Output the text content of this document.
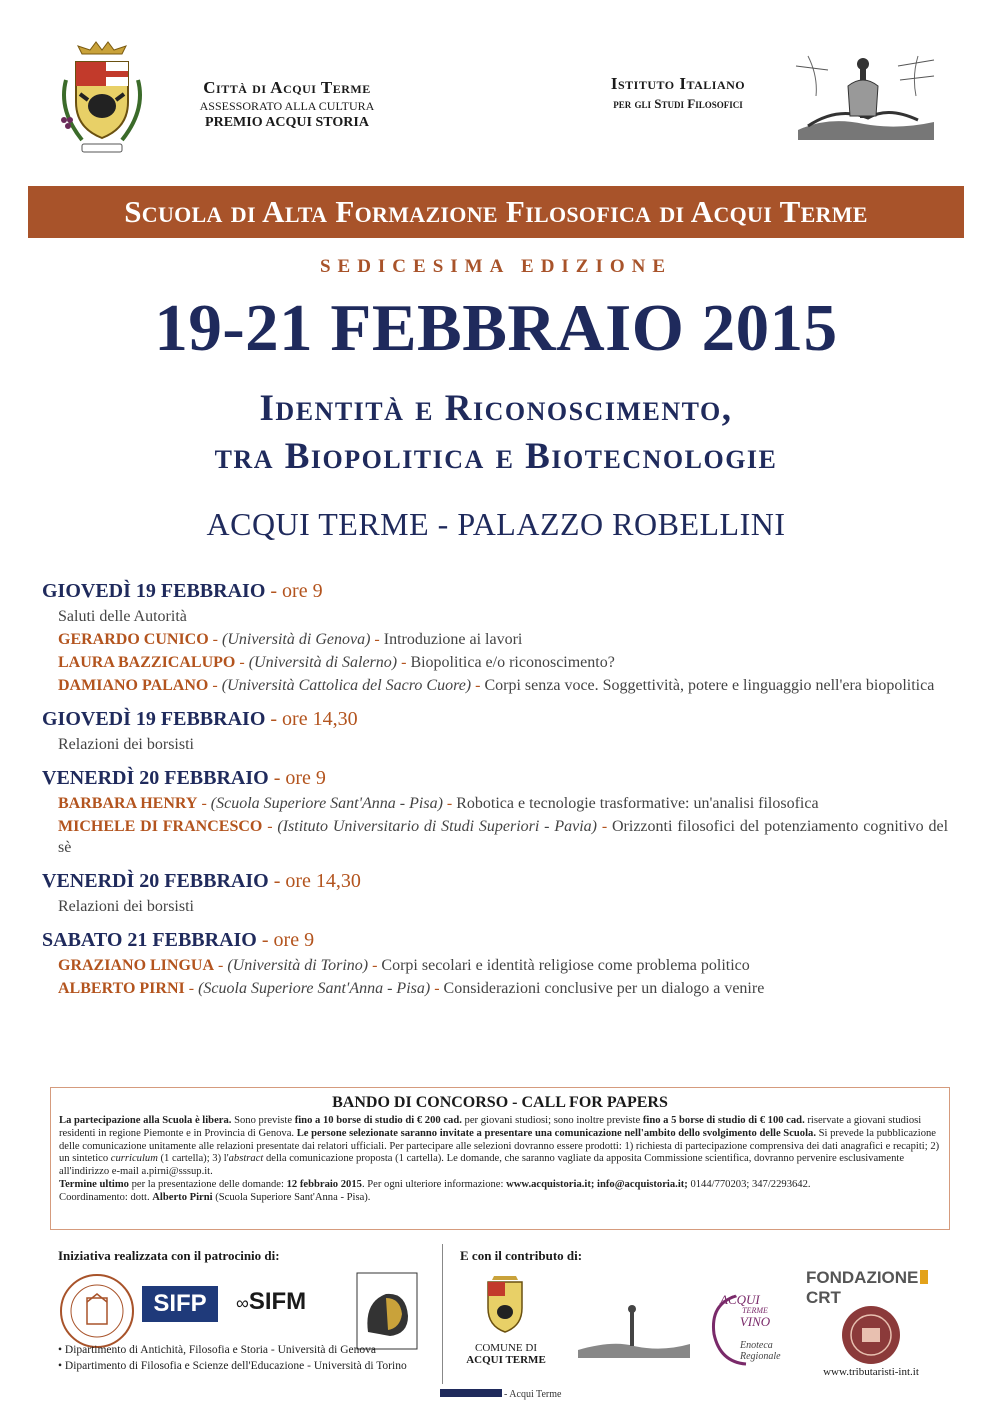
Città di Acqui Terme
ASSESSORATO ALLA CULTURA
PREMIO ACQUI STORIA
Istituto Italiano
per gli Studi Filosofici
Scuola di Alta Formazione Filosofica di Acqui Terme
SEDICESIMA EDIZIONE
19-21 FEBBRAIO 2015
Identità e Riconoscimento,
tra Biopolitica e Biotecnologie
ACQUI TERME - PALAZZO ROBELLINI
GIOVEDÌ 19 FEBBRAIO - ore 9
Saluti delle Autorità
GERARDO CUNICO - (Università di Genova) - Introduzione ai lavori
LAURA BAZZICALUPO - (Università di Salerno) - Biopolitica e/o riconoscimento?
DAMIANO PALANO - (Università Cattolica del Sacro Cuore) - Corpi senza voce. Soggettività, potere e linguaggio nell'era biopolitica
GIOVEDÌ 19 FEBBRAIO - ore 14,30
Relazioni dei borsisti
VENERDÌ 20 FEBBRAIO - ore 9
BARBARA HENRY - (Scuola Superiore Sant'Anna - Pisa) - Robotica e tecnologie trasformative: un'analisi filosofica
MICHELE DI FRANCESCO - (Istituto Universitario di Studi Superiori - Pavia) - Orizzonti filosofici del potenziamento cognitivo del sè
VENERDÌ 20 FEBBRAIO - ore 14,30
Relazioni dei borsisti
SABATO 21 FEBBRAIO - ore 9
GRAZIANO LINGUA - (Università di Torino) - Corpi secolari e identità religiose come problema politico
ALBERTO PIRNI - (Scuola Superiore Sant'Anna - Pisa) - Considerazioni conclusive per un dialogo a venire
BANDO DI CONCORSO - CALL FOR PAPERS
La partecipazione alla Scuola è libera. Sono previste fino a 10 borse di studio di € 200 cad. per giovani studiosi; sono inoltre previste fino a 5 borse di studio di € 100 cad. riservate a giovani studiosi residenti in regione Piemonte e in Provincia di Genova. Le persone selezionate saranno invitate a presentare una comunicazione nell'ambito dello svolgimento delle Scuola. Si prevede la pubblicazione delle comunicazione unitamente alle relazioni presentate dai relatori ufficiali. Per partecipare alle selezioni dovranno essere prodotti: 1) richiesta di partecipazione comprensiva dei dati anagrafici e recapiti; 2) un sintetico curriculum (1 cartella); 3) l'abstract della comunicazione proposta (1 cartella). Le domande, che saranno vagliate da apposita Commissione scientifica, dovranno pervenire esclusivamente all'indirizzo e-mail a.pirni@sssup.it.
Termine ultimo per la presentazione delle domande: 12 febbraio 2015. Per ogni ulteriore informazione: www.acquistoria.it; info@acquistoria.it; 0144/770203; 347/2293642.
Coordinamento: dott. Alberto Pirni (Scuola Superiore Sant'Anna - Pisa).
Iniziativa realizzata con il patrocinio di:	E con il contributo di:
SIFP	∞SIFM
• Dipartimento di Antichità, Filosofia e Storia - Università di Genova
• Dipartimento di Filosofia e Scienze dell'Educazione - Università di Torino
COMUNE DI
ACQUI TERME
ACQUI
TERME
VINO
Enoteca
Regionale
FONDAZIONECRT
www.tributaristi-int.it
- Acqui Terme
